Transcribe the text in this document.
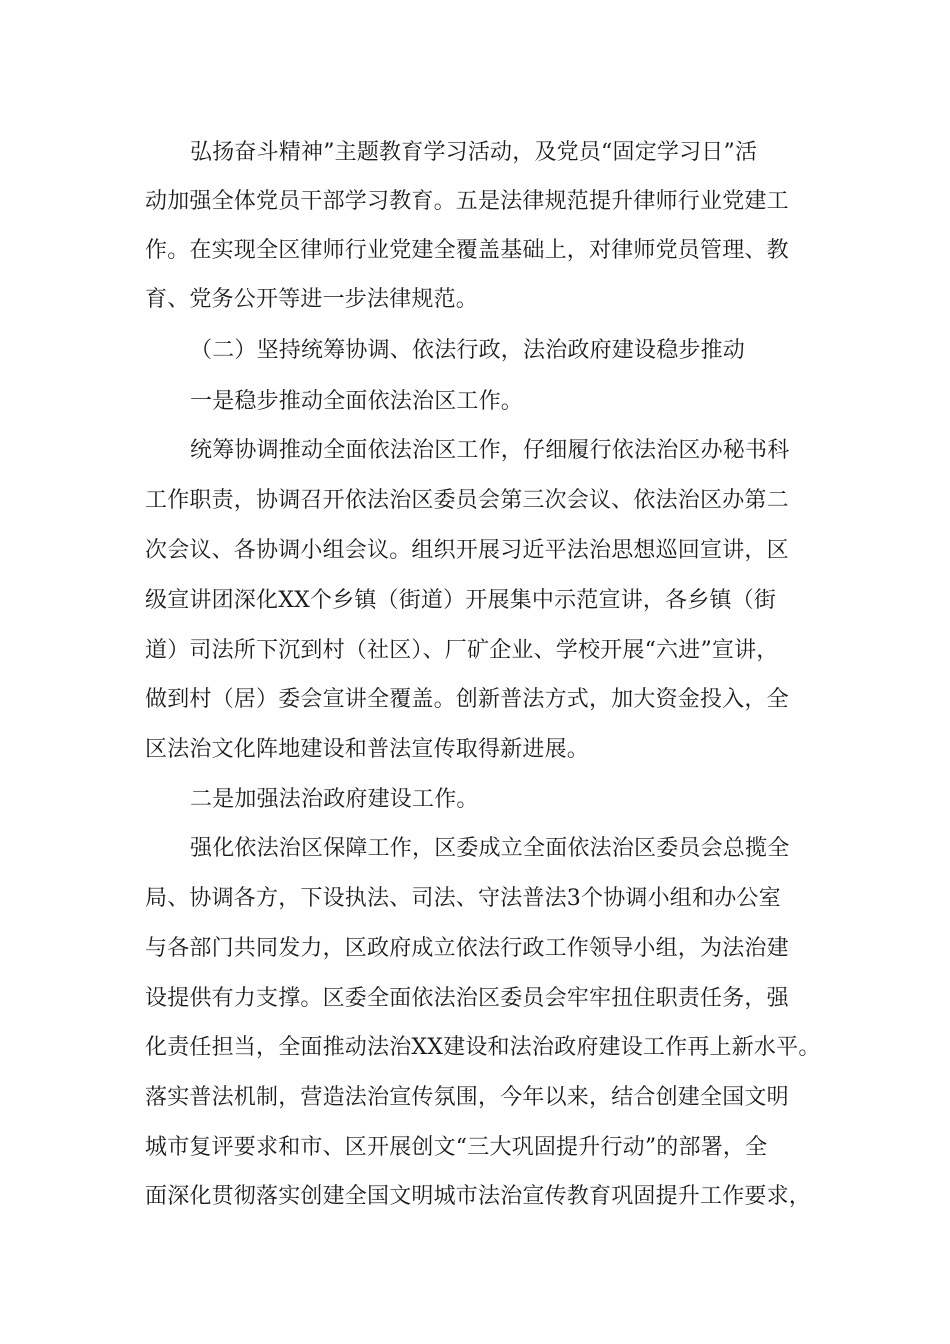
弘扬奋斗精神”主题教育学习活动，及党员“固定学习日”活
动加强全体党员干部学习教育。五是法律规范提升律师行业党建工
作。在实现全区律师行业党建全覆盖基础上，对律师党员管理、教
育、党务公开等进一步法律规范。
（二）坚持统筹协调、依法行政，法治政府建设稳步推动
一是稳步推动全面依法治区工作。
统筹协调推动全面依法治区工作，仔细履行依法治区办秘书科
工作职责，协调召开依法治区委员会第三次会议、依法治区办第二
次会议、各协调小组会议。组织开展习近平法治思想巡回宣讲，区
级宣讲团深化XX个乡镇（街道）开展集中示范宣讲，各乡镇（街
道）司法所下沉到村（社区）、厂矿企业、学校开展“六进”宣讲，
做到村（居）委会宣讲全覆盖。创新普法方式，加大资金投入，全
区法治文化阵地建设和普法宣传取得新进展。
二是加强法治政府建设工作。
强化依法治区保障工作，区委成立全面依法治区委员会总揽全
局、协调各方，下设执法、司法、守法普法3个协调小组和办公室
与各部门共同发力，区政府成立依法行政工作领导小组，为法治建
设提供有力支撑。区委全面依法治区委员会牢牢扭住职责任务，强
化责任担当，全面推动法治XX建设和法治政府建设工作再上新水平。
落实普法机制，营造法治宣传氛围，今年以来，结合创建全国文明
城市复评要求和市、区开展创文“三大巩固提升行动”的部署，全
面深化贯彻落实创建全国文明城市法治宣传教育巩固提升工作要求，
